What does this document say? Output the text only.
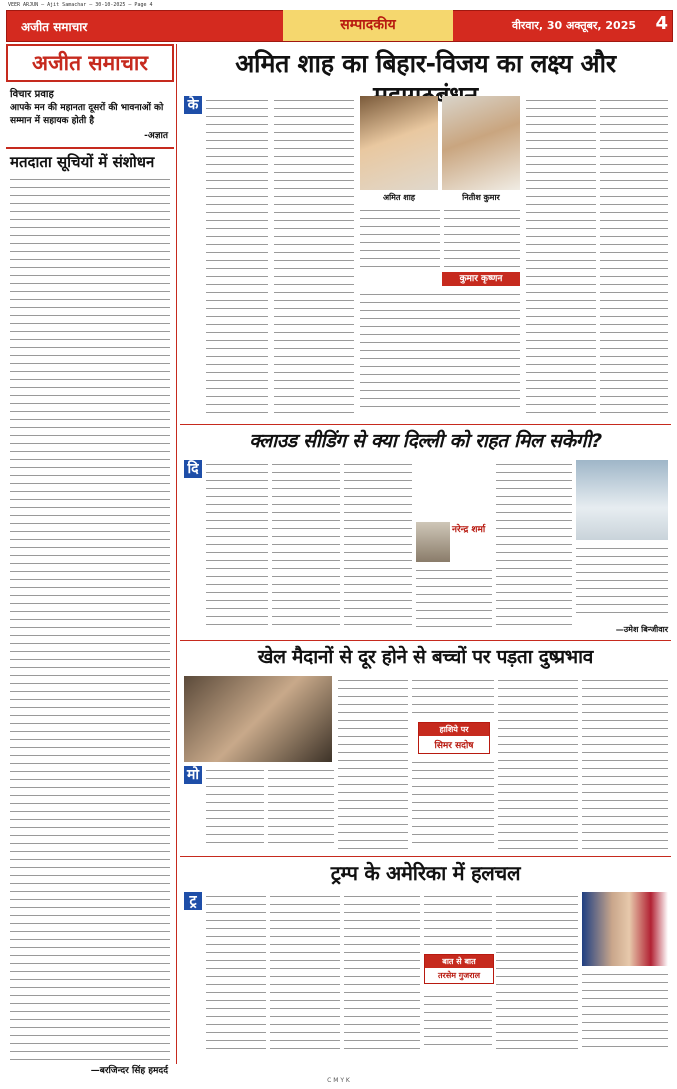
VEER ARJUN — Ajit Samachar — 30-10-2025 — Page 4
अजीत समाचार	सम्पादकीय	वीरवार, 30 अक्तूबर, 2025 4
अजीत समाचार
विचार प्रवाह
आपके मन की महानता दूसरों की भावनाओं को सम्मान में सहायक होती है
-अज्ञात
मतदाता सूचियों में संशोधन
—बरजिन्दर सिंह हमदर्द
अमित शाह का बिहार-विजय का लक्ष्य और
के
अमित शाह	नितीश कुमार
कुमार कृष्णन
क्लाउड सीडिंग से क्या दिल्ली को राहत मिल सकेगी?
दि
नरेन्द्र शर्मा
—उमेश बिन्जीवार
खेल मैदानों से दूर होने से बच्चों पर पड़ता दुष्प्रभाव
मो
हाशिये पर
सिमर सदोष
ट्रम्प के अमेरिका में हलचल
ट्र
बात से बात
तरसेम गुजराल
C M Y K
